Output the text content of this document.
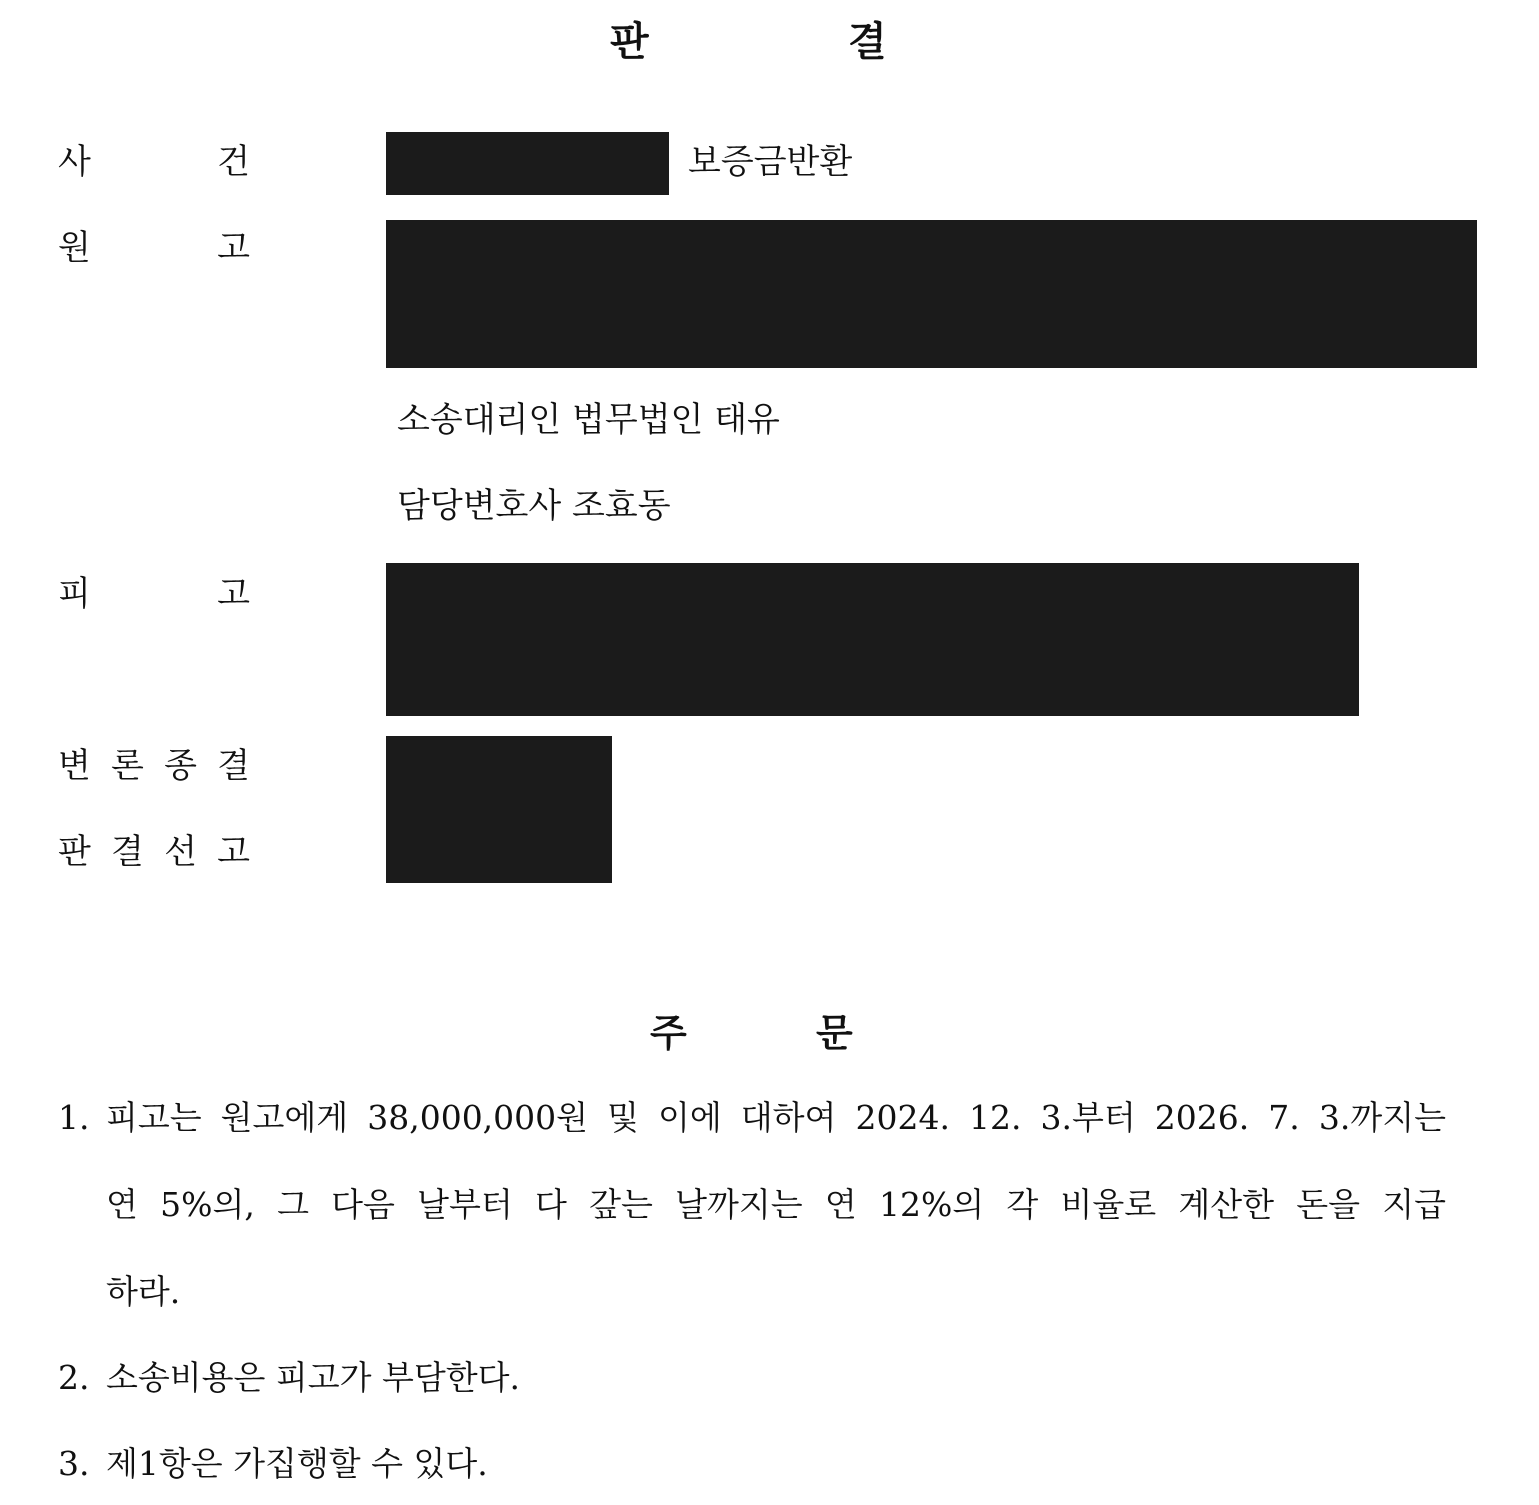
판	결
사	건	보증금반환
원	고
소송대리인 법무법인 태유
담당변호사 조효동
피	고
변 론 종 결
판 결 선 고
주	문
1. 피고는 원고에게 38,000,000원 및 이에 대하여 2024. 12. 3.부터 2026. 7. 3.까지는
연 5%의, 그 다음 날부터 다 갚는 날까지는 연 12%의 각 비율로 계산한 돈을 지급
하라.
2. 소송비용은 피고가 부담한다.
3. 제1항은 가집행할 수 있다.
